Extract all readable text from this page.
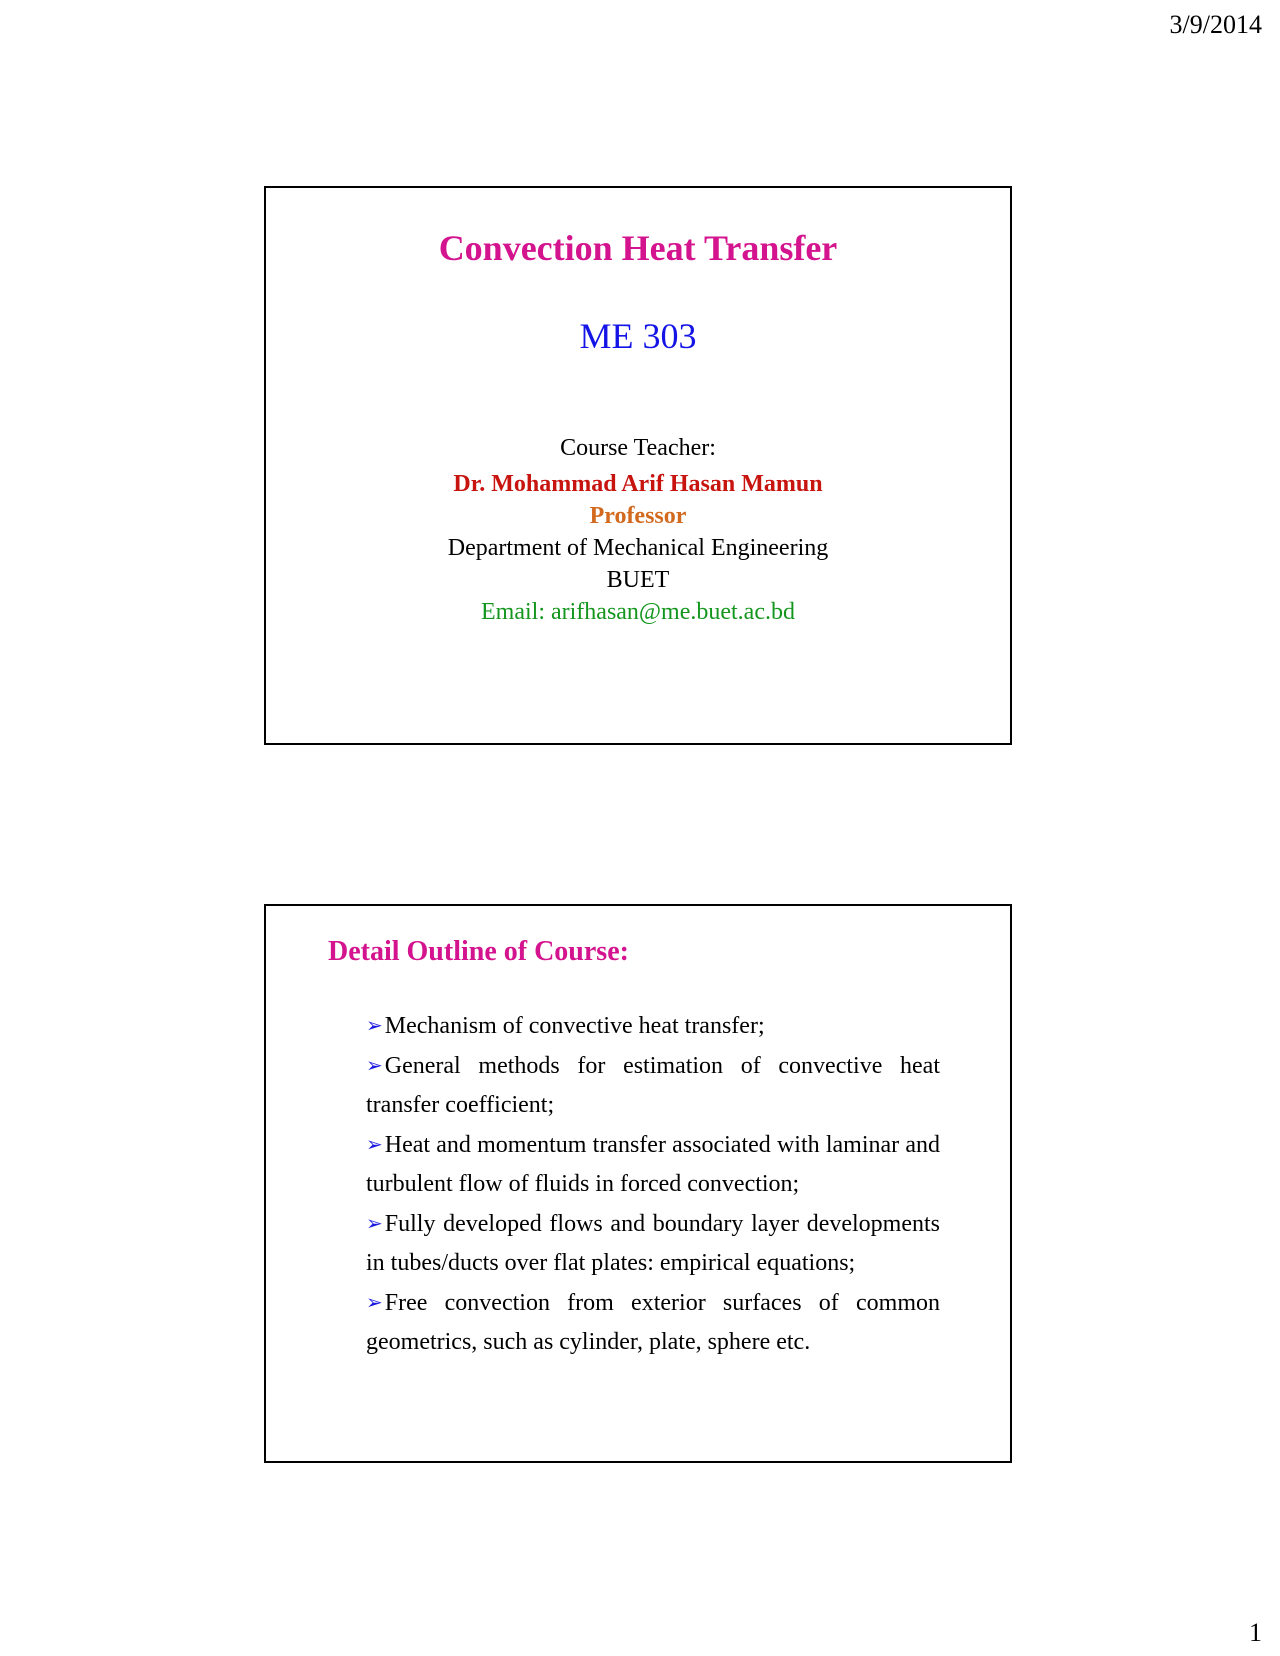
3/9/2014
Convection Heat Transfer
ME 303
Course Teacher:
Dr. Mohammad Arif Hasan Mamun
Professor
Department of Mechanical Engineering
BUET
Email: arifhasan@me.buet.ac.bd
Detail Outline of Course:
➢Mechanism of convective heat transfer;
➢General methods for estimation of convective heat transfer coefficient;
➢Heat and momentum transfer associated with laminar and turbulent flow of fluids in forced convection;
➢Fully developed flows and boundary layer developments in tubes/ducts over flat plates: empirical equations;
➢Free convection from exterior surfaces of common geometrics, such as cylinder, plate, sphere etc.
1
